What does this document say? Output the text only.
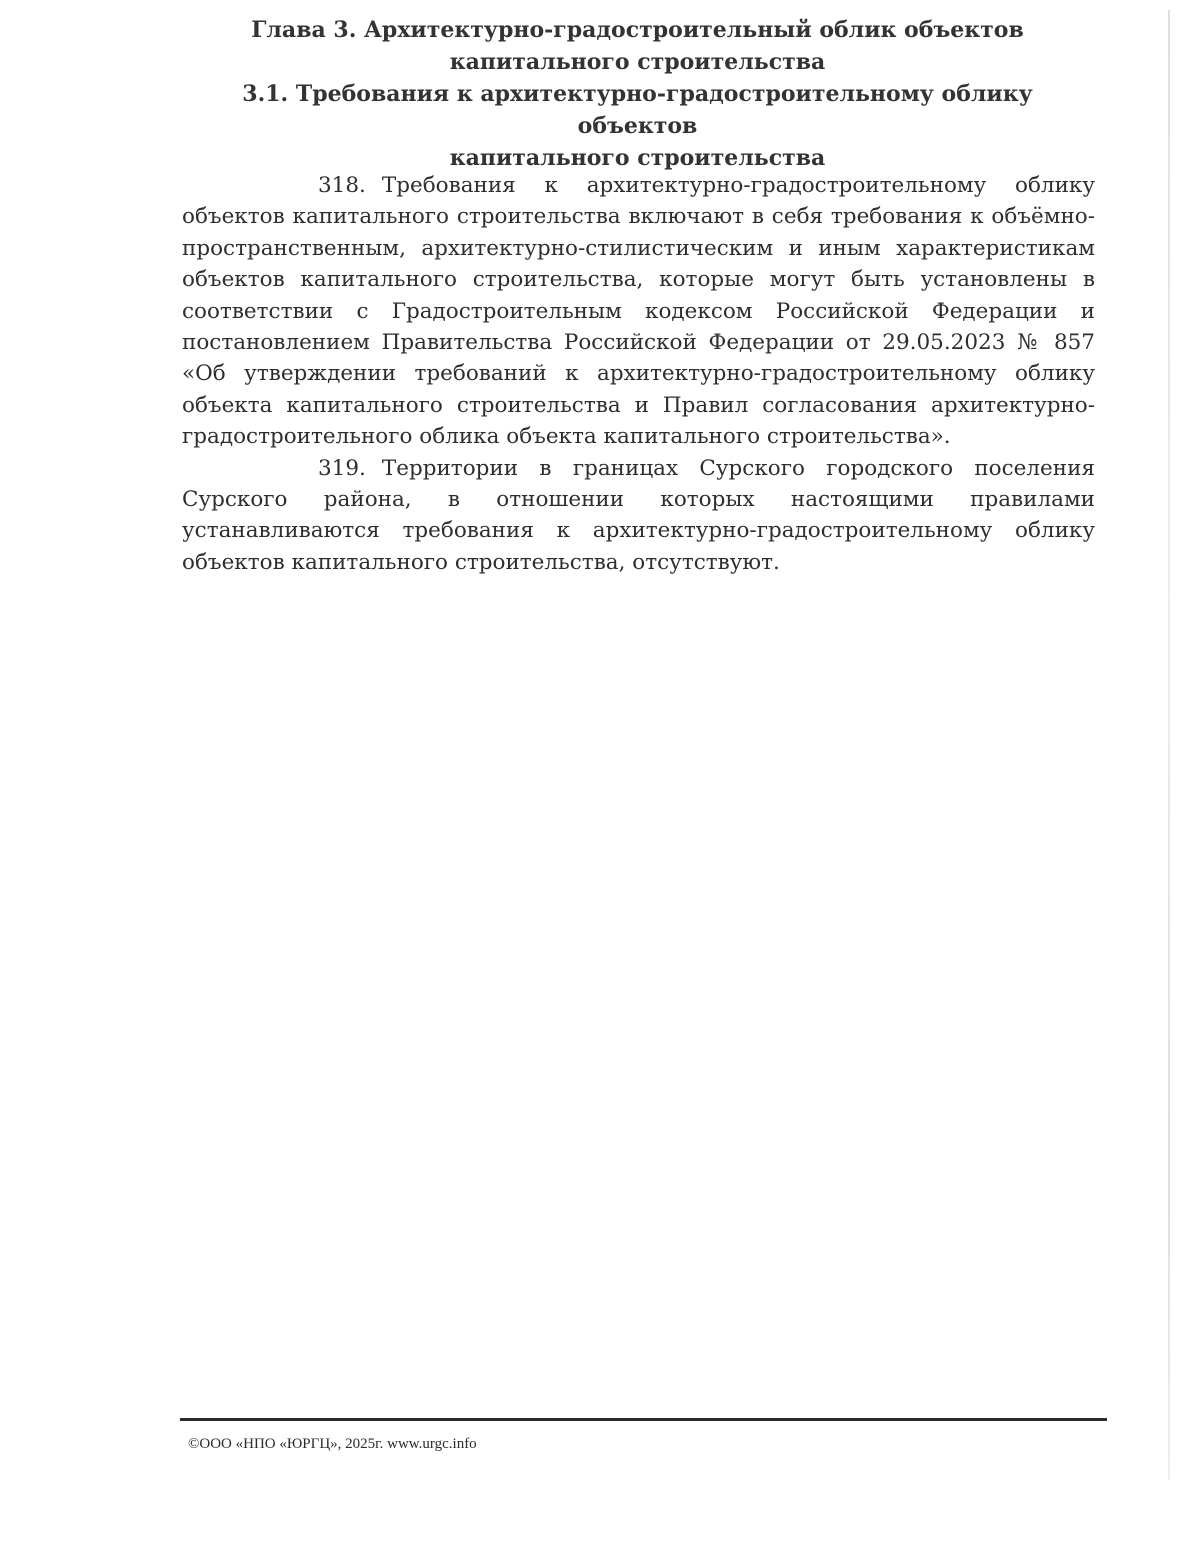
Глава 3. Архитектурно-градостроительный облик объектов
капитального строительства
3.1. Требования к архитектурно-градостроительному облику объектов
капитального строительства

318. Требования к архитектурно-градостроительному облику объектов капитального строительства включают в себя требования к объёмно-пространственным, архитектурно-стилистическим и иным характеристикам объектов капитального строительства, которые могут быть установлены в соответствии с Градостроительным кодексом Российской Федерации и постановлением Правительства Российской Федерации от 29.05.2023 № 857 «Об утверждении требований к архитектурно-градостроительному облику объекта капитального строительства и Правил согласования архитектурно-градостроительного облика объекта капитального строительства».

319. Территории в границах Сурского городского поселения Сурского района, в отношении которых настоящими правилами устанавливаются требования к архитектурно-градостроительному облику объектов капитального строительства, отсутствуют.

©ООО «НПО «ЮРГЦ», 2025г. www.urgc.info
